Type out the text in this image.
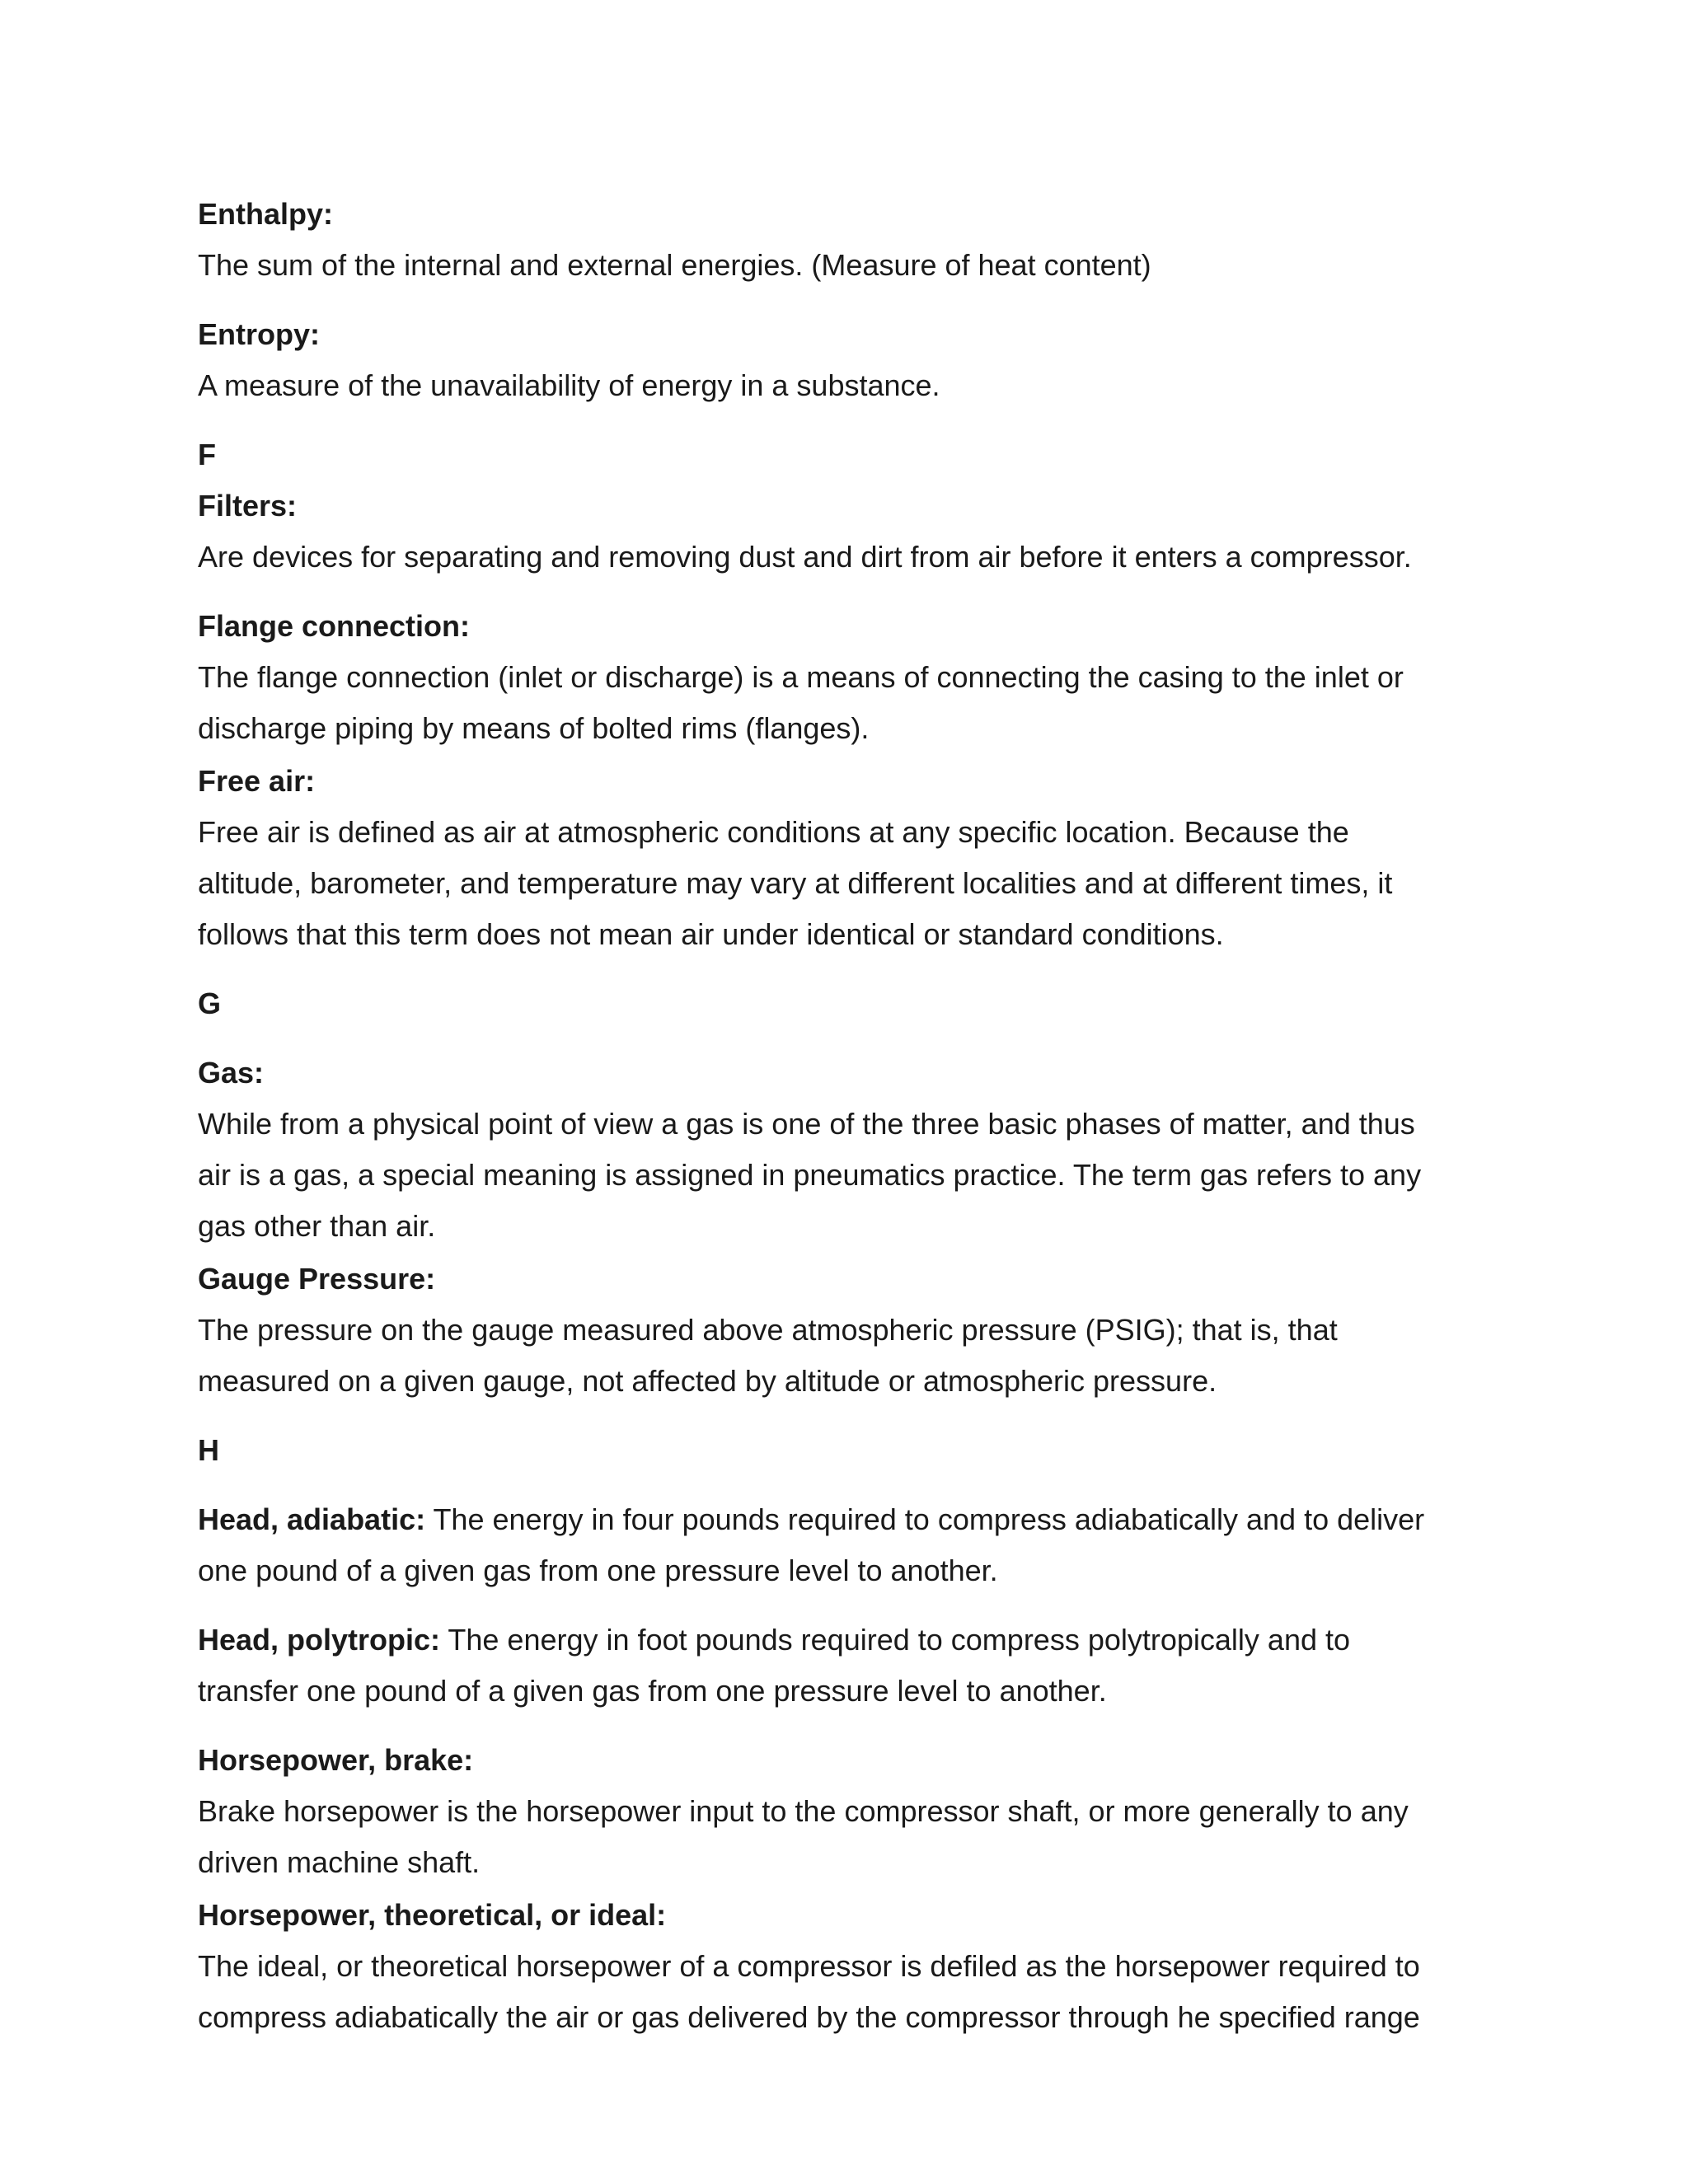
Enthalpy:

The sum of the internal and external energies. (Measure of heat content)

Entropy:

A measure of the unavailability of energy in a substance.

F

Filters:

Are devices for separating and removing dust and dirt from air before it enters a compressor.

Flange connection:

The flange connection (inlet or discharge) is a means of connecting the casing to the inlet or

discharge piping by means of bolted rims (flanges).

Free air:

Free air is defined as air at atmospheric conditions at any specific location. Because the

altitude, barometer, and temperature may vary at different localities and at different times, it

follows that this term does not mean air under identical or standard conditions.

G

Gas:

While from a physical point of view a gas is one of the three basic phases of matter, and thus

air is a gas, a special meaning is assigned in pneumatics practice. The term gas refers to any

gas other than air.

Gauge Pressure:

The pressure on the gauge measured above atmospheric pressure (PSIG); that is, that

measured on a given gauge, not affected by altitude or atmospheric pressure.

H

Head, adiabatic: The energy in four pounds required to compress adiabatically and to deliver

one pound of a given gas from one pressure level to another.

Head, polytropic: The energy in foot pounds required to compress polytropically and to

transfer one pound of a given gas from one pressure level to another.

Horsepower, brake:

Brake horsepower is the horsepower input to the compressor shaft, or more generally to any

driven machine shaft.

Horsepower, theoretical, or ideal:

The ideal, or theoretical horsepower of a compressor is defiled as the horsepower required to

compress adiabatically the air or gas delivered by the compressor through he specified range
